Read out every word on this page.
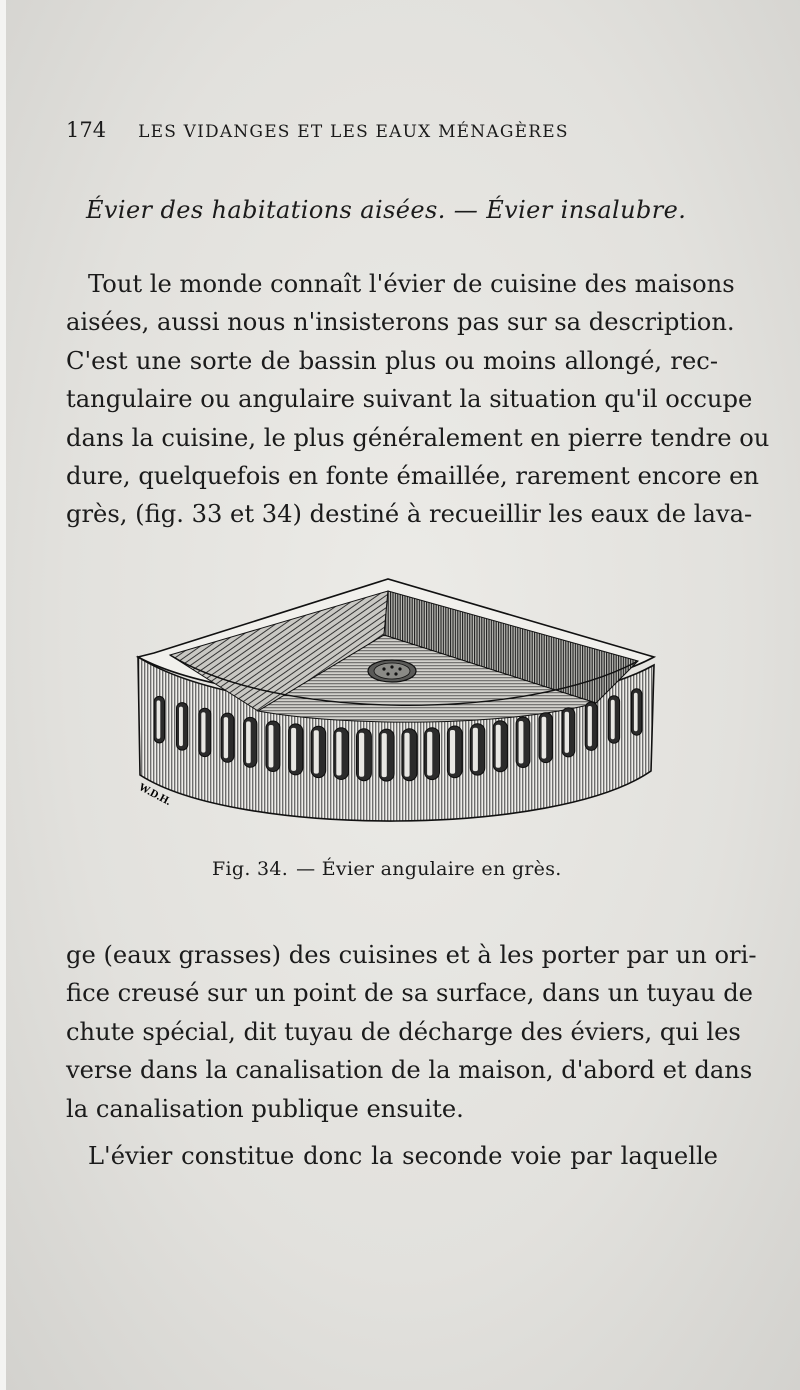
174 LES VIDANGES ET LES EAUX MÉNAGÈRES
Évier des habitations aisées. — Évier insalubre.

Tout le monde connaît l'évier de cuisine des maisons
aisées, aussi nous n'insisterons pas sur sa description.
C'est une sorte de bassin plus ou moins allongé, rec-
tangulaire ou angulaire suivant la situation qu'il occupe
dans la cuisine, le plus généralement en pierre tendre ou
dure, quelquefois en fonte émaillée, rarement encore en
grès, (fig. 33 et 34) destiné à recueillir les eaux de lava-

W.D.H.
Fig. 34. — Évier angulaire en grès.

ge (eaux grasses) des cuisines et à les porter par un ori-
fice creusé sur un point de sa surface, dans un tuyau de
chute spécial, dit tuyau de décharge des éviers, qui les
verse dans la canalisation de la maison, d'abord et dans
la canalisation publique ensuite.

L'évier constitue donc la seconde voie par laquelle
